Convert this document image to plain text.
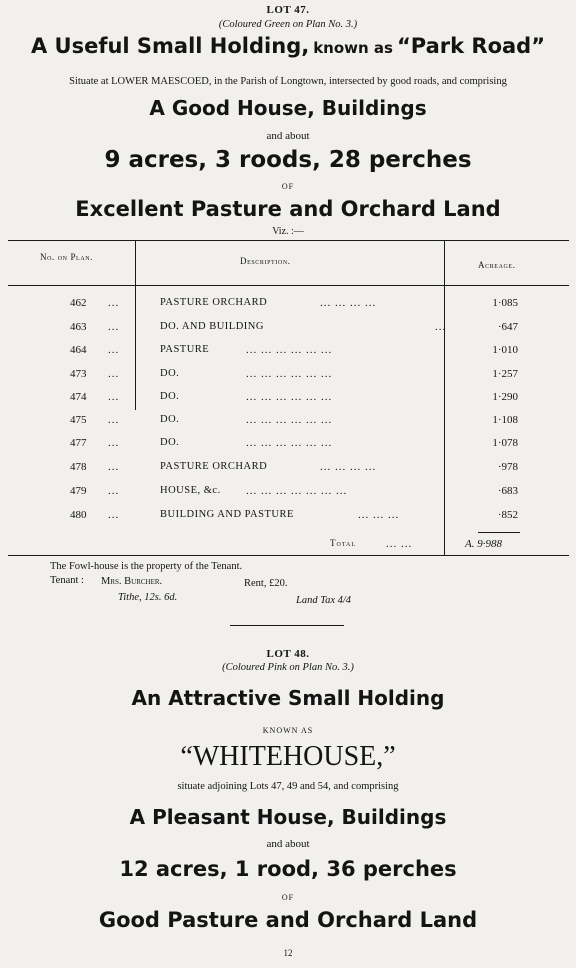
LOT 47.
(Coloured Green on Plan No. 3.)
A Useful Small Holding, known as “Park Road”
Situate at LOWER MAESCOED, in the Parish of Longtown, intersected by good roads, and comprising
A Good House, Buildings
and about
9 acres, 3 roods, 28 perches
OF
Excellent Pasture and Orchard Land
Viz. :—
No. on Plan.	Description.	Acreage.
462 ...	PASTURE ORCHARD	... ... ... ...	1·085
463 ...	DO. AND BUILDING	...	·647
464 ...	PASTURE	... ... ... ... ... ...	1·010
473 ...	DO.	... ... ... ... ... ...	1·257
474 ...	DO.	... ... ... ... ... ...	1·290
475 ...	DO.	... ... ... ... ... ...	1·108
477 ...	DO.	... ... ... ... ... ...	1·078
478 ...	PASTURE ORCHARD	... ... ... ...	·978
479 ...	HOUSE, &c. ... ... ... ... ... ... ...	·683
480 ...	BUILDING AND PASTURE	... ... ...	·852
Total	... ...	A. 9·988
The Fowl-house is the property of the Tenant.
Tenant : Mrs. Burcher.	Rent, £20.
Tithe, 12s. 6d.	Land Tax 4/4
LOT 48.
(Coloured Pink on Plan No. 3.)
An Attractive Small Holding
KNOWN AS
“WHITEHOUSE,”
situate adjoining Lots 47, 49 and 54, and comprising
A Pleasant House, Buildings
and about
12 acres, 1 rood, 36 perches
OF
Good Pasture and Orchard Land
12
